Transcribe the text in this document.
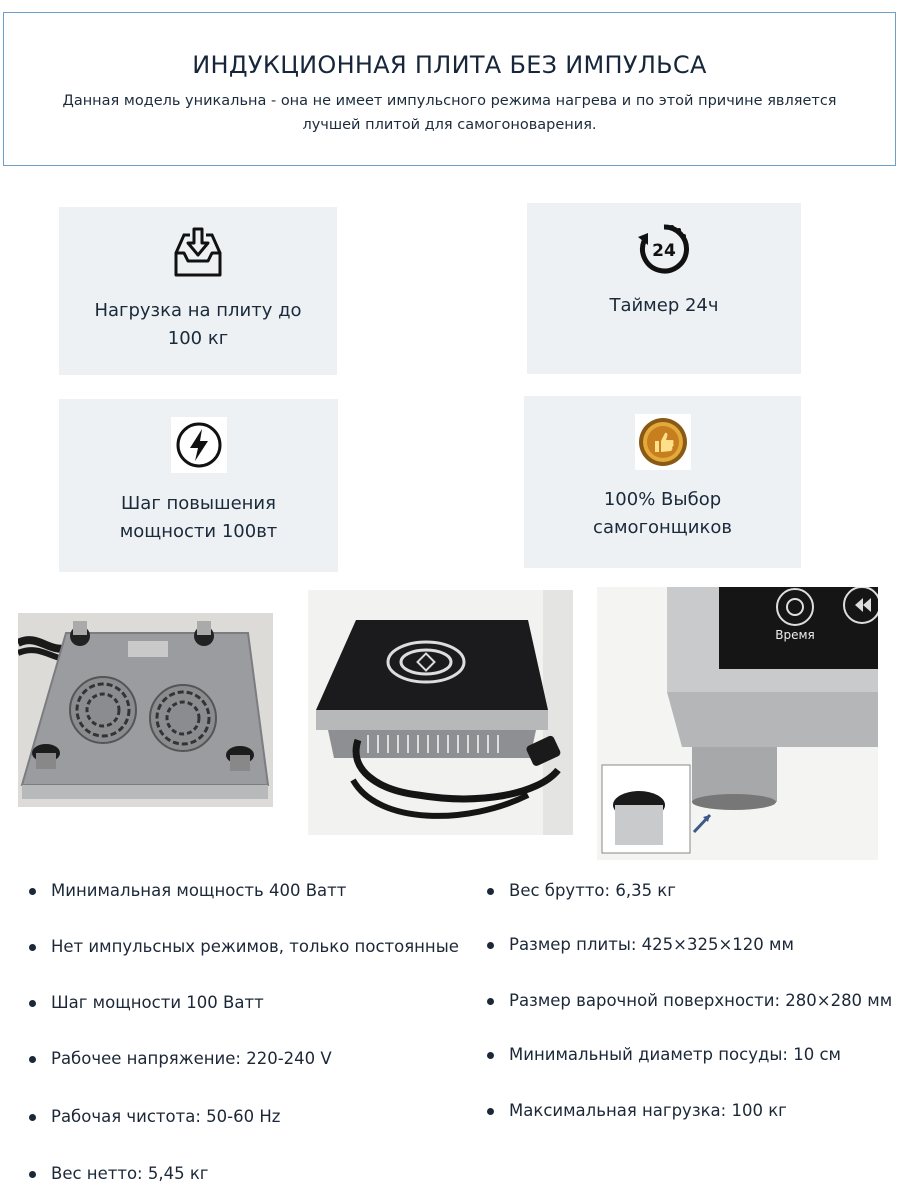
ИНДУКЦИОННАЯ ПЛИТА БЕЗ ИМПУЛЬСА

Данная модель уникальна - она не имеет импульсного режима нагрева и по этой причине является лучшей плитой для самогоноварения.

Нагрузка на плиту до
100 кг
24
Таймер 24ч
Шаг повышения
мощности 100вт
100% Выбор
самогонщиков
Время
Минимальная мощность 400 Ватт
Нет импульсных режимов, только постоянные
Шаг мощности 100 Ватт
Рабочее напряжение: 220-240 V
Рабочая чистота: 50-60 Hz
Вес нетто: 5,45 кг
Вес брутто: 6,35 кг
Размер плиты: 425×325×120 мм
Размер варочной поверхности: 280×280 мм
Минимальный диаметр посуды: 10 см
Максимальная нагрузка: 100 кг
